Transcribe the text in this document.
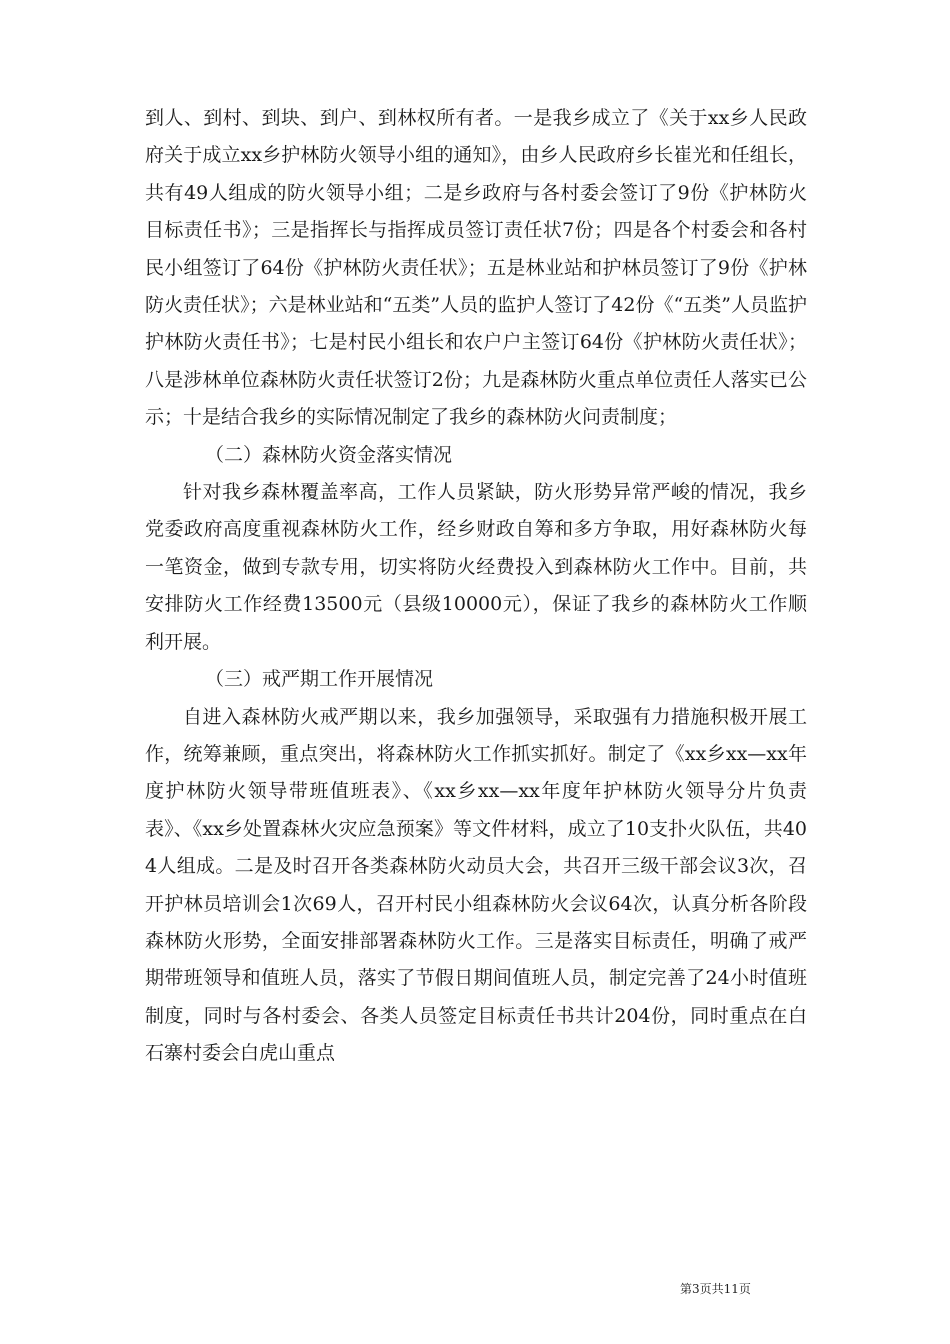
到人、到村、到块、到户、到林权所有者。一是我乡成立了《关于xx乡人民政府关于成立xx乡护林防火领导小组的通知》，由乡人民政府乡长崔光和任组长，共有49人组成的防火领导小组；二是乡政府与各村委会签订了9份《护林防火目标责任书》；三是指挥长与指挥成员签订责任状7份；四是各个村委会和各村民小组签订了64份《护林防火责任状》；五是林业站和护林员签订了9份《护林防火责任状》；六是林业站和“五类”人员的监护人签订了42份《“五类”人员监护护林防火责任书》；七是村民小组长和农户户主签订64份《护林防火责任状》；八是涉林单位森林防火责任状签订2份；九是森林防火重点单位责任人落实已公示；十是结合我乡的实际情况制定了我乡的森林防火问责制度；

（二）森林防火资金落实情况

针对我乡森林覆盖率高，工作人员紧缺，防火形势异常严峻的情况，我乡党委政府高度重视森林防火工作，经乡财政自筹和多方争取，用好森林防火每一笔资金，做到专款专用，切实将防火经费投入到森林防火工作中。目前，共安排防火工作经费13500元（县级10000元），保证了我乡的森林防火工作顺利开展。

（三）戒严期工作开展情况

自进入森林防火戒严期以来，我乡加强领导，采取强有力措施积极开展工作，统筹兼顾，重点突出，将森林防火工作抓实抓好。制定了《xx乡xx—xx年度护林防火领导带班值班表》、《xx乡xx—xx年度年护林防火领导分片负责表》、《xx乡处置森林火灾应急预案》等文件材料，成立了10支扑火队伍，共404人组成。二是及时召开各类森林防火动员大会，共召开三级干部会议3次，召开护林员培训会1次69人，召开村民小组森林防火会议64次，认真分析各阶段森林防火形势，全面安排部署森林防火工作。三是落实目标责任，明确了戒严期带班领导和值班人员，落实了节假日期间值班人员，制定完善了24小时值班制度，同时与各村委会、各类人员签定目标责任书共计204份，同时重点在白石寨村委会白虎山重点

第3页共11页
